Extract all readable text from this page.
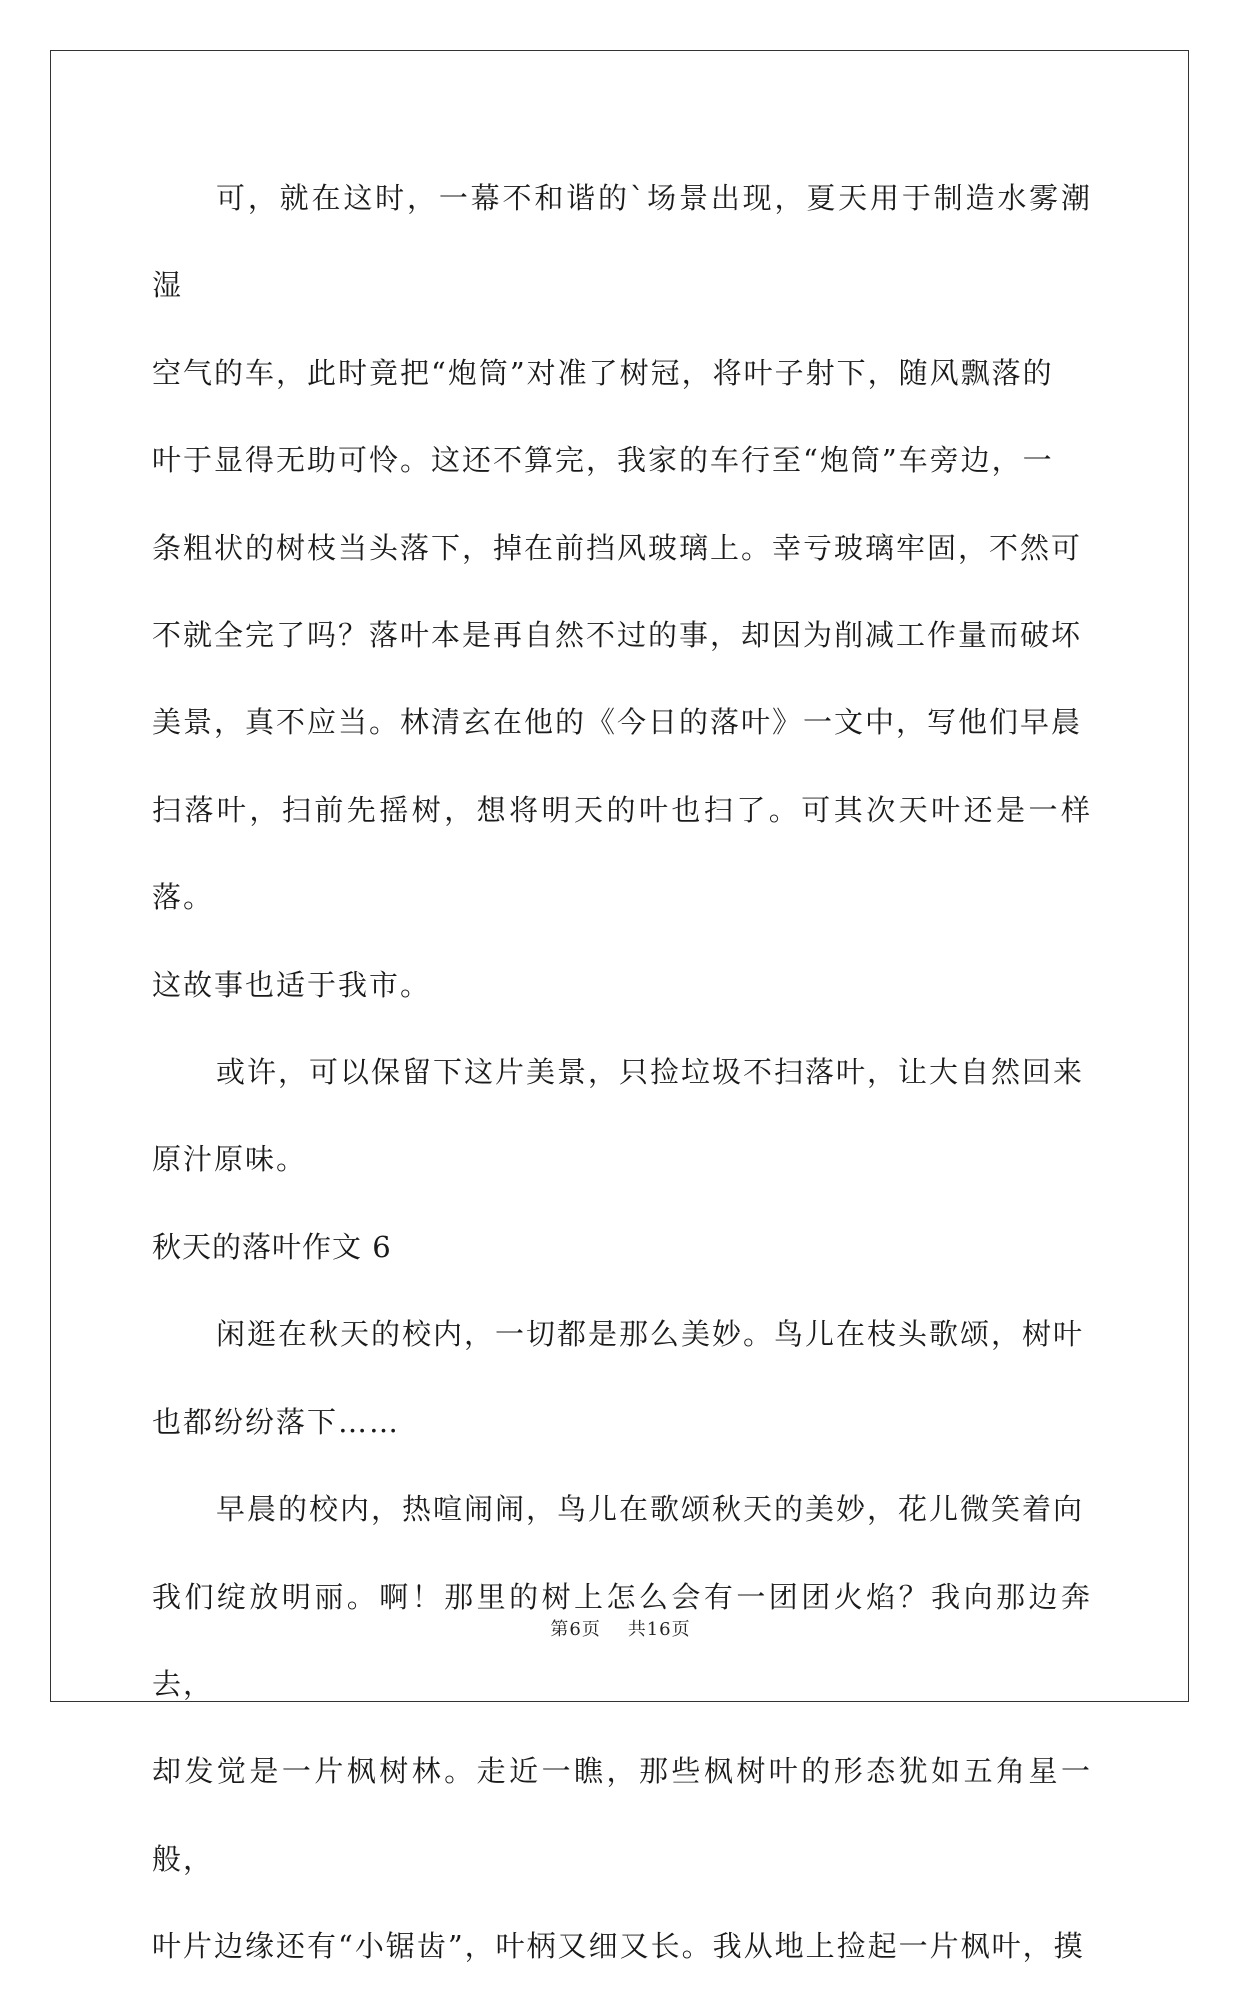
可，就在这时，一幕不和谐的`场景出现，夏天用于制造水雾潮湿
空气的车，此时竟把“炮筒”对准了树冠，将叶子射下，随风飘落的
叶于显得无助可怜。这还不算完，我家的车行至“炮筒”车旁边，一
条粗状的树枝当头落下，掉在前挡风玻璃上。幸亏玻璃牢固，不然可
不就全完了吗？落叶本是再自然不过的事，却因为削减工作量而破坏
美景，真不应当。林清玄在他的《今日的落叶》一文中，写他们早晨
扫落叶，扫前先摇树，想将明天的叶也扫了。可其次天叶还是一样落。
这故事也适于我市。

或许，可以保留下这片美景，只捡垃圾不扫落叶，让大自然回来
原汁原味。

秋天的落叶作文 6

闲逛在秋天的校内，一切都是那么美妙。鸟儿在枝头歌颂，树叶
也都纷纷落下……

早晨的校内，热喧闹闹，鸟儿在歌颂秋天的美妙，花儿微笑着向
我们绽放明丽。啊！那里的树上怎么会有一团团火焰？我向那边奔去，
却发觉是一片枫树林。走近一瞧，那些枫树叶的形态犹如五角星一般，
叶片边缘还有“小锯齿”，叶柄又细又长。我从地上捡起一片枫叶，摸

第6页 共16页
